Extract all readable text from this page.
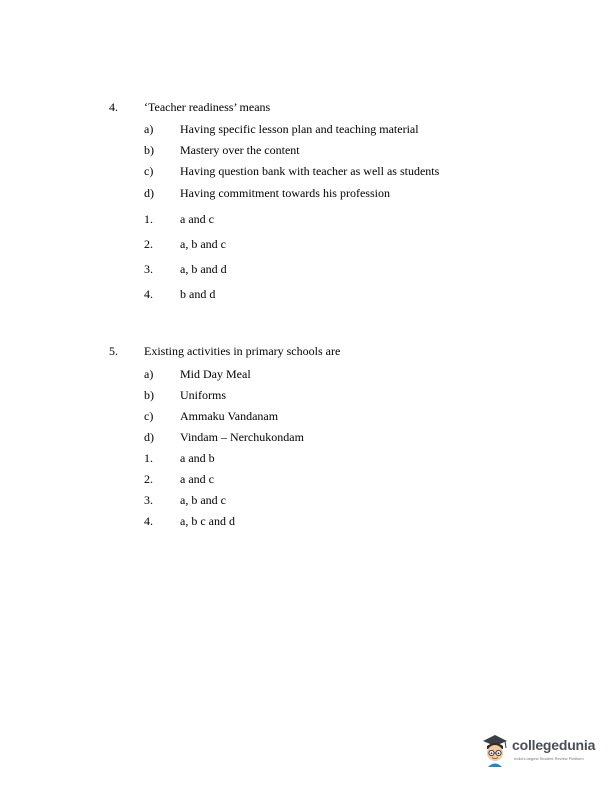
4. ‘Teacher readiness’ means
a) Having specific lesson plan and teaching material
b) Mastery over the content
c) Having question bank with teacher as well as students
d) Having commitment towards his profession
1. a and c
2. a, b and c
3. a, b and d
4. b and d
5. Existing activities in primary schools are
a) Mid Day Meal
b) Uniforms
c) Ammaku Vandanam
d) Vindam – Nerchukondam
1. a and b
2. a and c
3. a, b and c
4. a, b c and d
collegedunia
India's largest Student Review Platform
